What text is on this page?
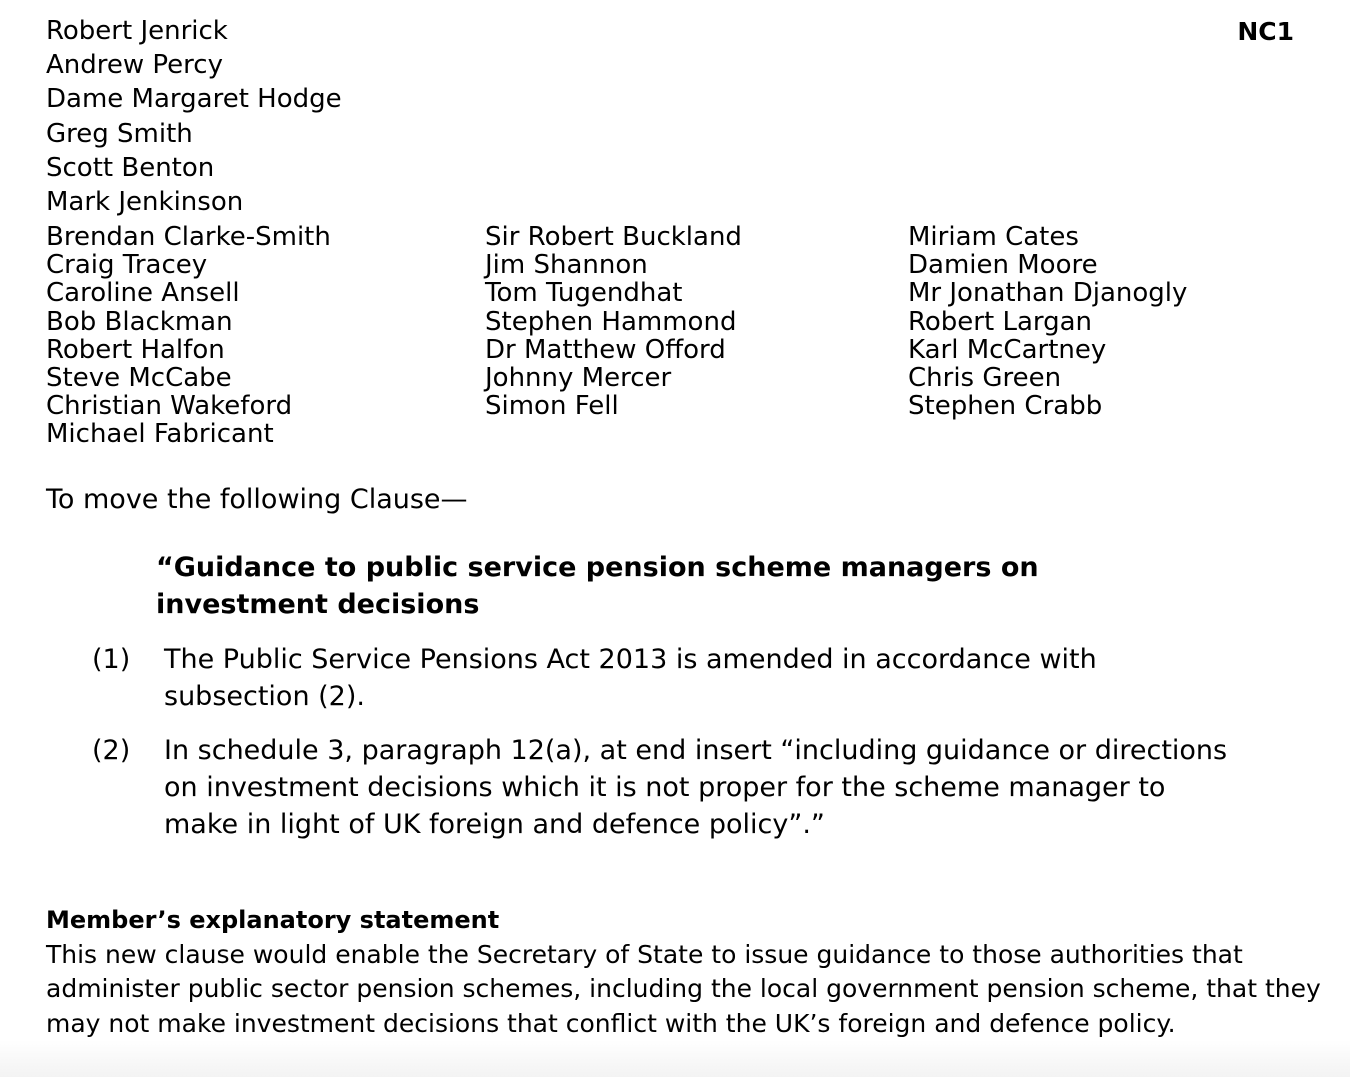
NC1
Robert Jenrick
Andrew Percy
Dame Margaret Hodge
Greg Smith
Scott Benton
Mark Jenkinson
Brendan Clarke-Smith
Craig Tracey
Caroline Ansell
Bob Blackman
Robert Halfon
Steve McCabe
Christian Wakeford
Michael Fabricant
Sir Robert Buckland
Jim Shannon
Tom Tugendhat
Stephen Hammond
Dr Matthew Offord
Johnny Mercer
Simon Fell
Miriam Cates
Damien Moore
Mr Jonathan Djanogly
Robert Largan
Karl McCartney
Chris Green
Stephen Crabb
To move the following Clause—
“Guidance to public service pension scheme managers on investment decisions
(1)	The Public Service Pensions Act 2013 is amended in accordance with subsection (2).
(2)	In schedule 3, paragraph 12(a), at end insert “including guidance or directions on investment decisions which it is not proper for the scheme manager to make in light of UK foreign and defence policy”.”
Member’s explanatory statement
This new clause would enable the Secretary of State to issue guidance to those authorities that administer public sector pension schemes, including the local government pension scheme, that they may not make investment decisions that conflict with the UK’s foreign and defence policy.
